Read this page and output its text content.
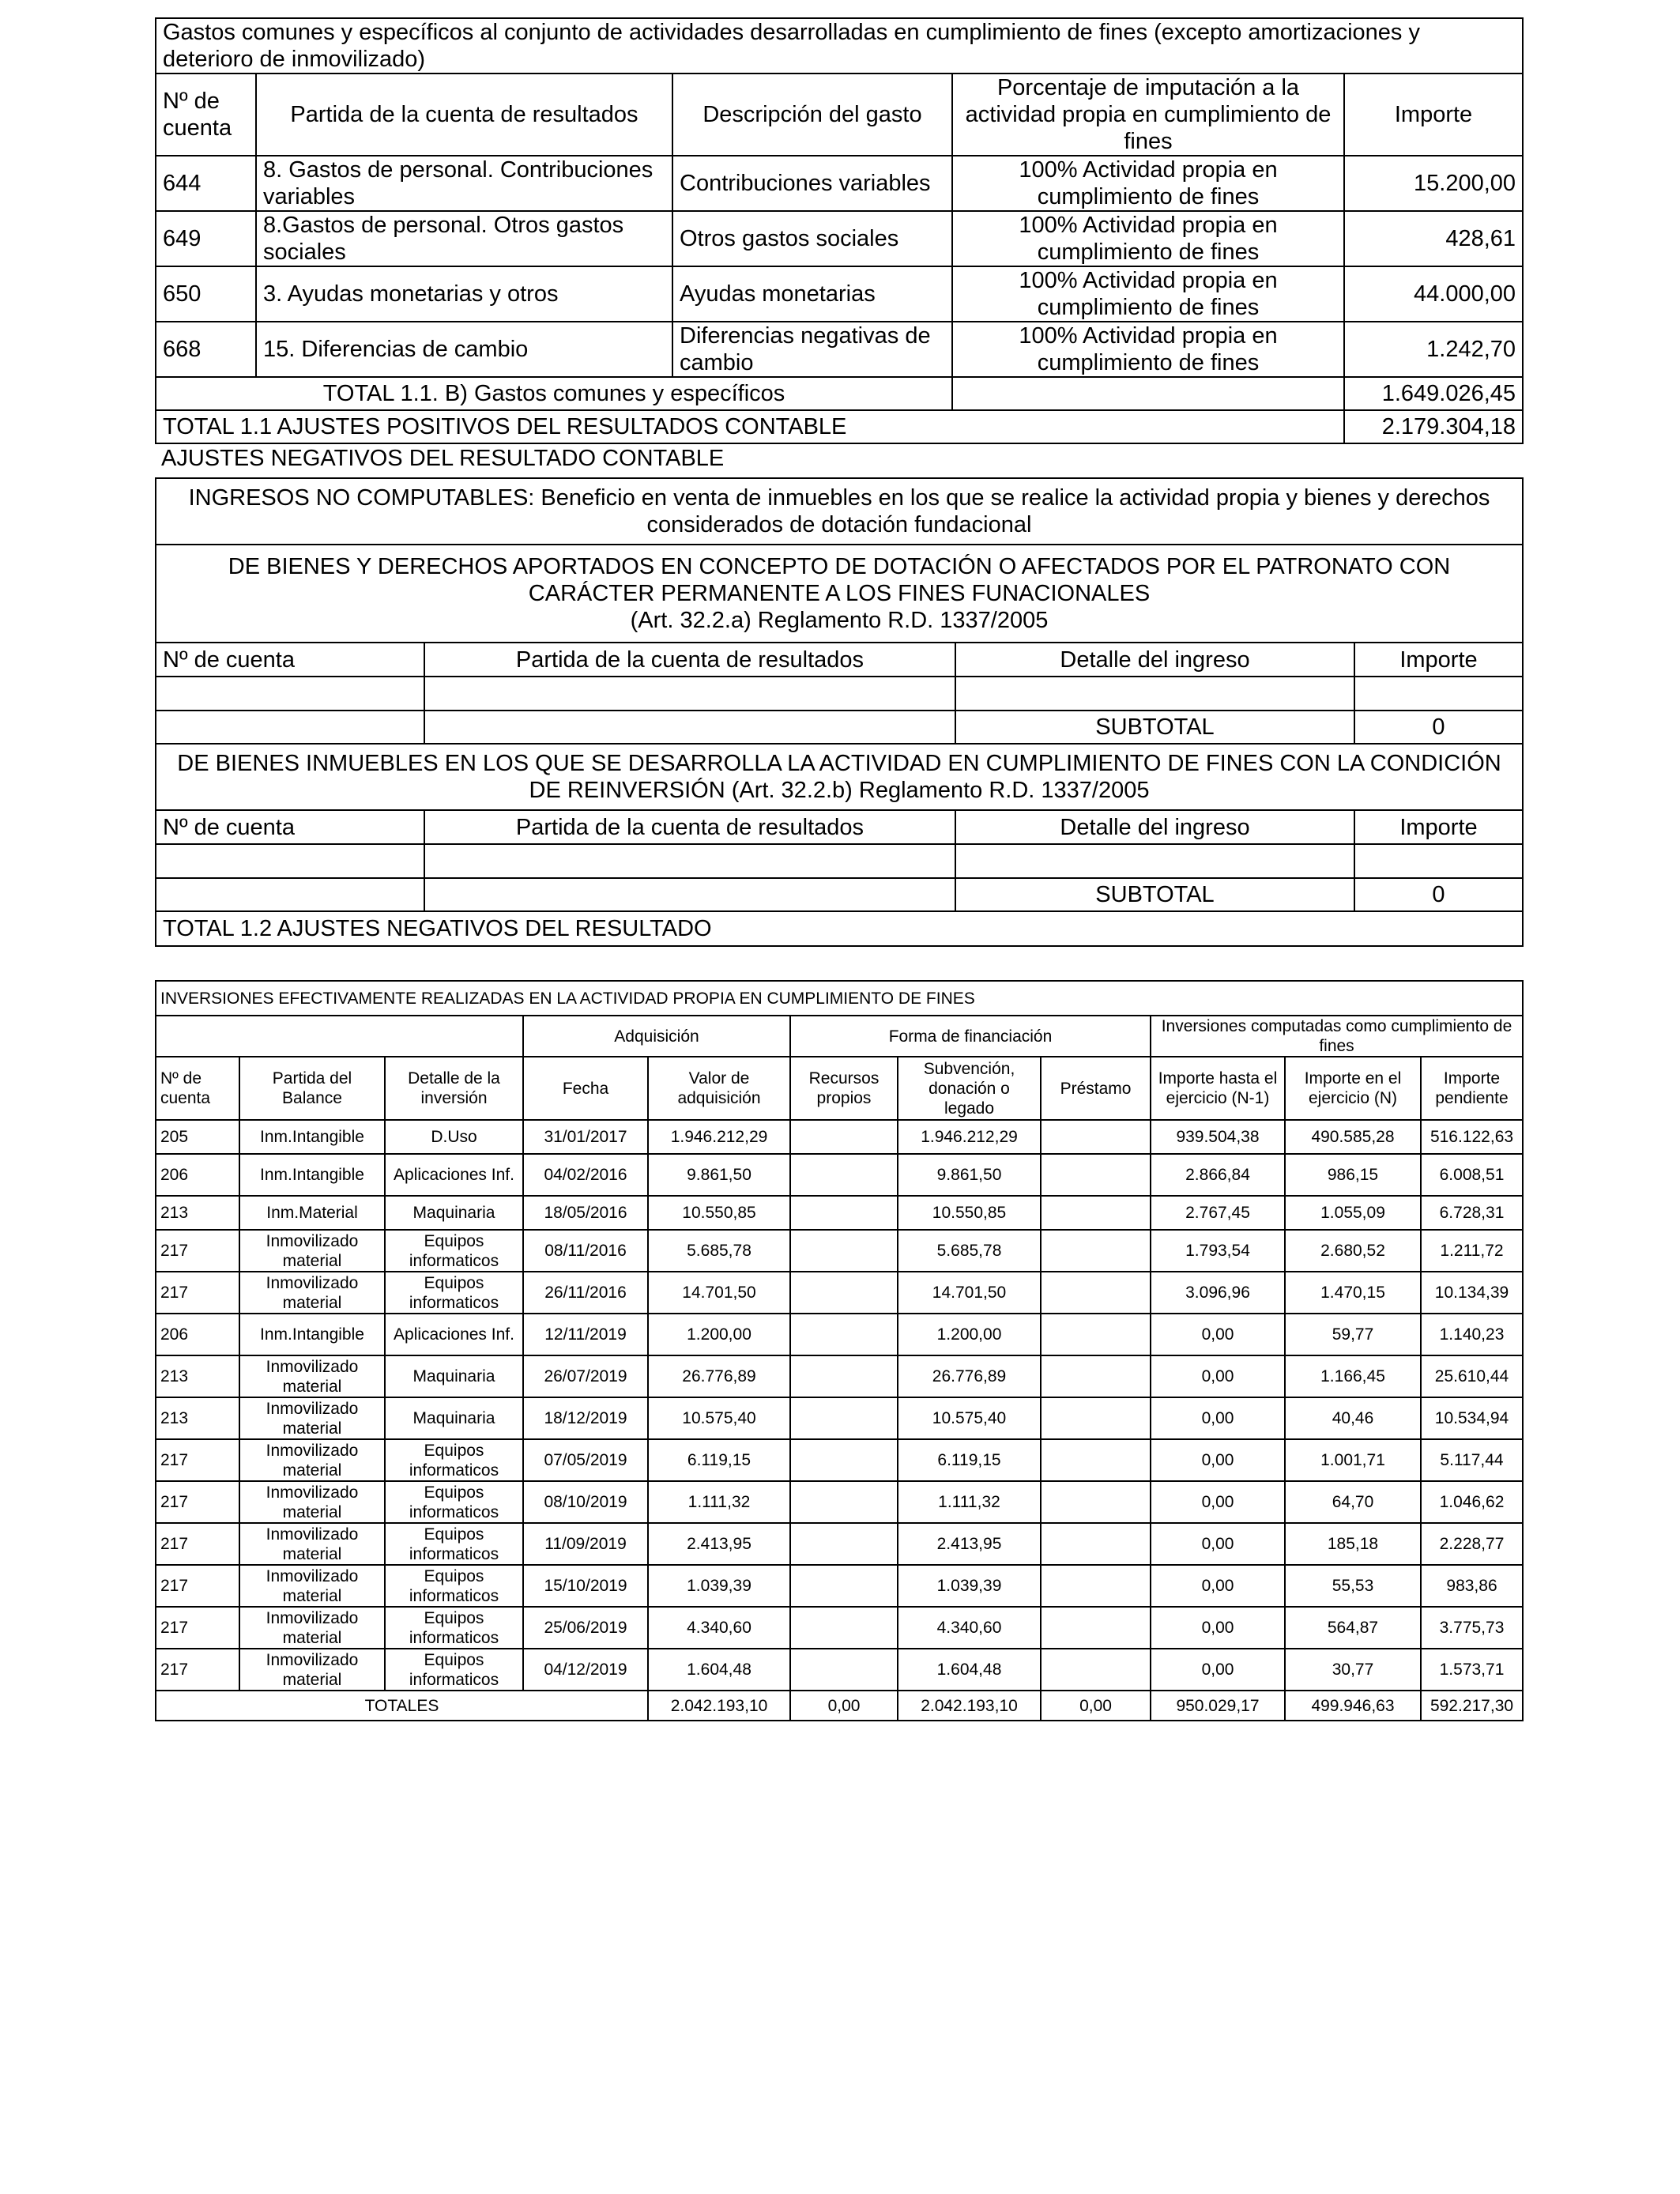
Gastos comunes y específicos al conjunto de actividades desarrolladas en cumplimiento de fines (excepto amortizaciones y deterioro de inmovilizado)				
Nº de cuenta	Partida de la cuenta de resultados	Descripción del gasto	Porcentaje de imputación a la actividad propia en cumplimiento de fines	Importe
644	8. Gastos de personal. Contribuciones variables	Contribuciones variables	100% Actividad propia en cumplimiento de fines	15.200,00
649	8.Gastos de personal. Otros gastos sociales	Otros gastos sociales	100% Actividad propia en cumplimiento de fines	428,61
650	3. Ayudas monetarias y otros	Ayudas monetarias	100% Actividad propia en cumplimiento de fines	44.000,00
668	15. Diferencias de cambio	Diferencias negativas de cambio	100% Actividad propia en cumplimiento de fines	1.242,70
TOTAL 1.1. B) Gastos comunes y específicos				1.649.026,45
TOTAL 1.1 AJUSTES POSITIVOS DEL RESULTADOS CONTABLE				2.179.304,18
AJUSTES NEGATIVOS DEL RESULTADO CONTABLE
INGRESOS NO COMPUTABLES: Beneficio en venta de inmuebles en los que se realice la actividad propia y bienes y derechos considerados de dotación fundacional			

DE BIENES Y DERECHOS APORTADOS EN CONCEPTO DE DOTACIÓN O AFECTADOS POR EL PATRONATO CON CARÁCTER PERMANENTE A LOS FINES FUNACIONALES
(Art. 32.2.a) Reglamento R.D. 1337/2005			

Nº de cuenta	Partida de la cuenta de resultados	Detalle del ingreso	Importe

		SUBTOTAL	0
DE BIENES INMUEBLES EN LOS QUE SE DESARROLLA LA ACTIVIDAD EN CUMPLIMIENTO DE FINES CON LA CONDICIÓN DE REINVERSIÓN (Art. 32.2.b) Reglamento R.D. 1337/2005			
Nº de cuenta	Partida de la cuenta de resultados	Detalle del ingreso	Importe

		SUBTOTAL	0
TOTAL 1.2 AJUSTES NEGATIVOS DEL RESULTADO			
INVERSIONES EFECTIVAMENTE REALIZADAS EN LA ACTIVIDAD PROPIA EN CUMPLIMIENTO DE FINES										
			Adquisición		Forma de financiación			Inversiones computadas como cumplimiento de fines		
Nº de cuenta	Partida del Balance	Detalle de la inversión	Fecha	Valor de adquisición	Recursos propios	Subvención, donación o legado	Préstamo	Importe hasta el ejercicio (N-1)	Importe en el ejercicio (N)	Importe pendiente
205	Inm.Intangible	D.Uso	31/01/2017	1.946.212,29		1.946.212,29		939.504,38	490.585,28	516.122,63
206	Inm.Intangible	Aplicaciones Inf.	04/02/2016	9.861,50		9.861,50		2.866,84	986,15	6.008,51
213	Inm.Material	Maquinaria	18/05/2016	10.550,85		10.550,85		2.767,45	1.055,09	6.728,31
217	Inmovilizado material	Equipos informaticos	08/11/2016	5.685,78		5.685,78		1.793,54	2.680,52	1.211,72
217	Inmovilizado material	Equipos informaticos	26/11/2016	14.701,50		14.701,50		3.096,96	1.470,15	10.134,39
206	Inm.Intangible	Aplicaciones Inf.	12/11/2019	1.200,00		1.200,00		0,00	59,77	1.140,23
213	Inmovilizado material	Maquinaria	26/07/2019	26.776,89		26.776,89		0,00	1.166,45	25.610,44
213	Inmovilizado material	Maquinaria	18/12/2019	10.575,40		10.575,40		0,00	40,46	10.534,94
217	Inmovilizado material	Equipos informaticos	07/05/2019	6.119,15		6.119,15		0,00	1.001,71	5.117,44
217	Inmovilizado material	Equipos informaticos	08/10/2019	1.111,32		1.111,32		0,00	64,70	1.046,62
217	Inmovilizado material	Equipos informaticos	11/09/2019	2.413,95		2.413,95		0,00	185,18	2.228,77
217	Inmovilizado material	Equipos informaticos	15/10/2019	1.039,39		1.039,39		0,00	55,53	983,86
217	Inmovilizado material	Equipos informaticos	25/06/2019	4.340,60		4.340,60		0,00	564,87	3.775,73
217	Inmovilizado material	Equipos informaticos	04/12/2019	1.604,48		1.604,48		0,00	30,77	1.573,71
TOTALES				2.042.193,10	0,00	2.042.193,10	0,00	950.029,17	499.946,63	592.217,30
